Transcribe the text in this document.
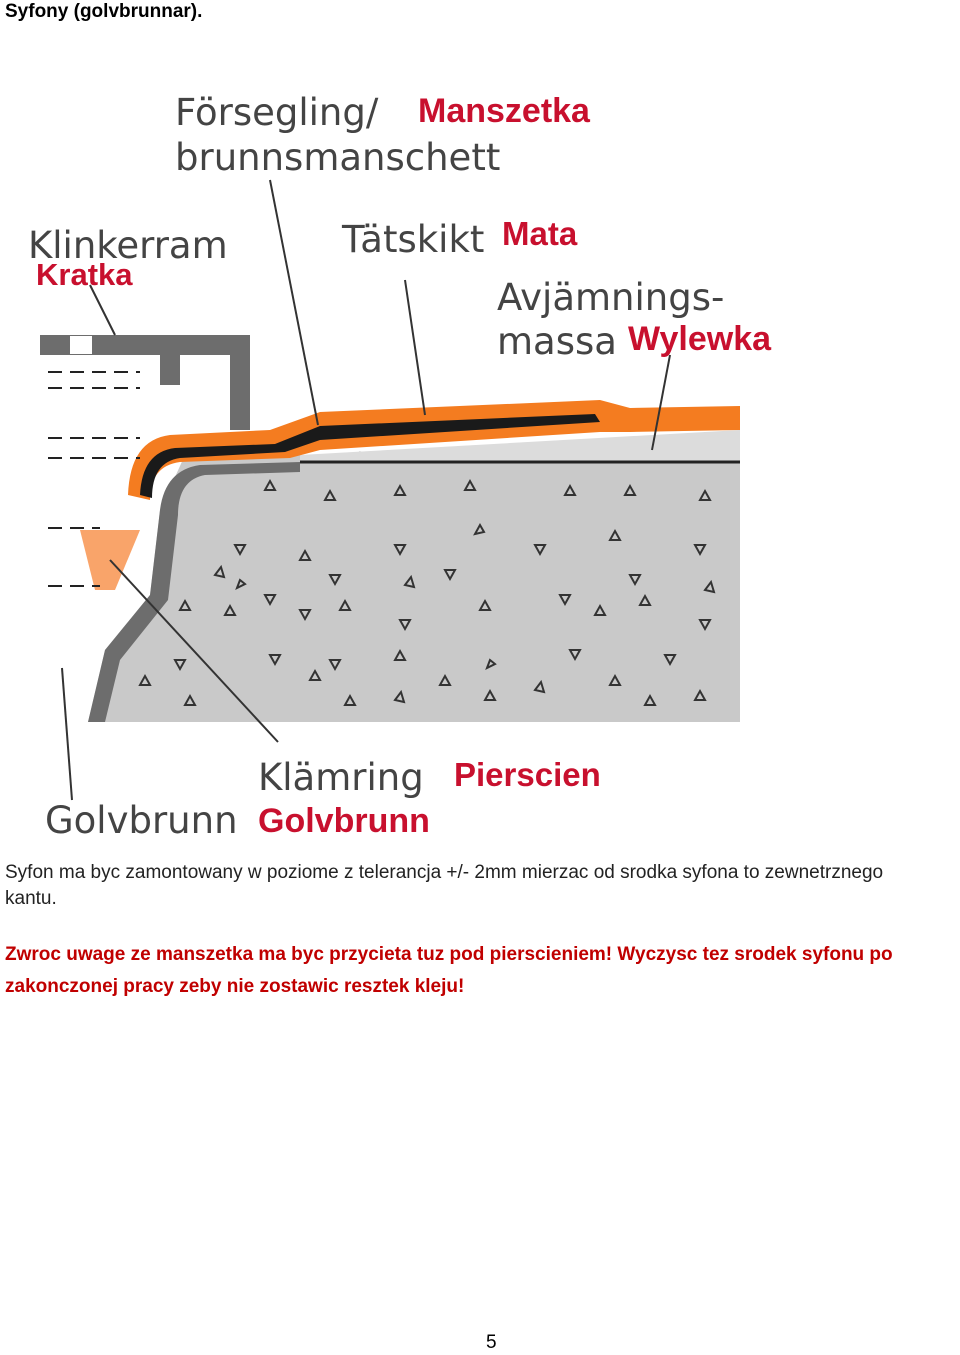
Syfony (golvbrunnar).
Försegling/
brunnsmanschett
Manszetka
Klinkerram
Kratka
Tätskikt Mata
Avjämnings-
massa Wylewka
Klämring Pierscien
Golvbrunn Golvbrunn
Syfon ma byc zamontowany w poziome z telerancja +/- 2mm mierzac od srodka syfona to zewnetrznego kantu.
Zwroc uwage ze manszetka ma byc przycieta tuz pod pierscieniem! Wyczysc tez srodek syfonu po
zakonczonej pracy zeby nie zostawic resztek kleju!
5
